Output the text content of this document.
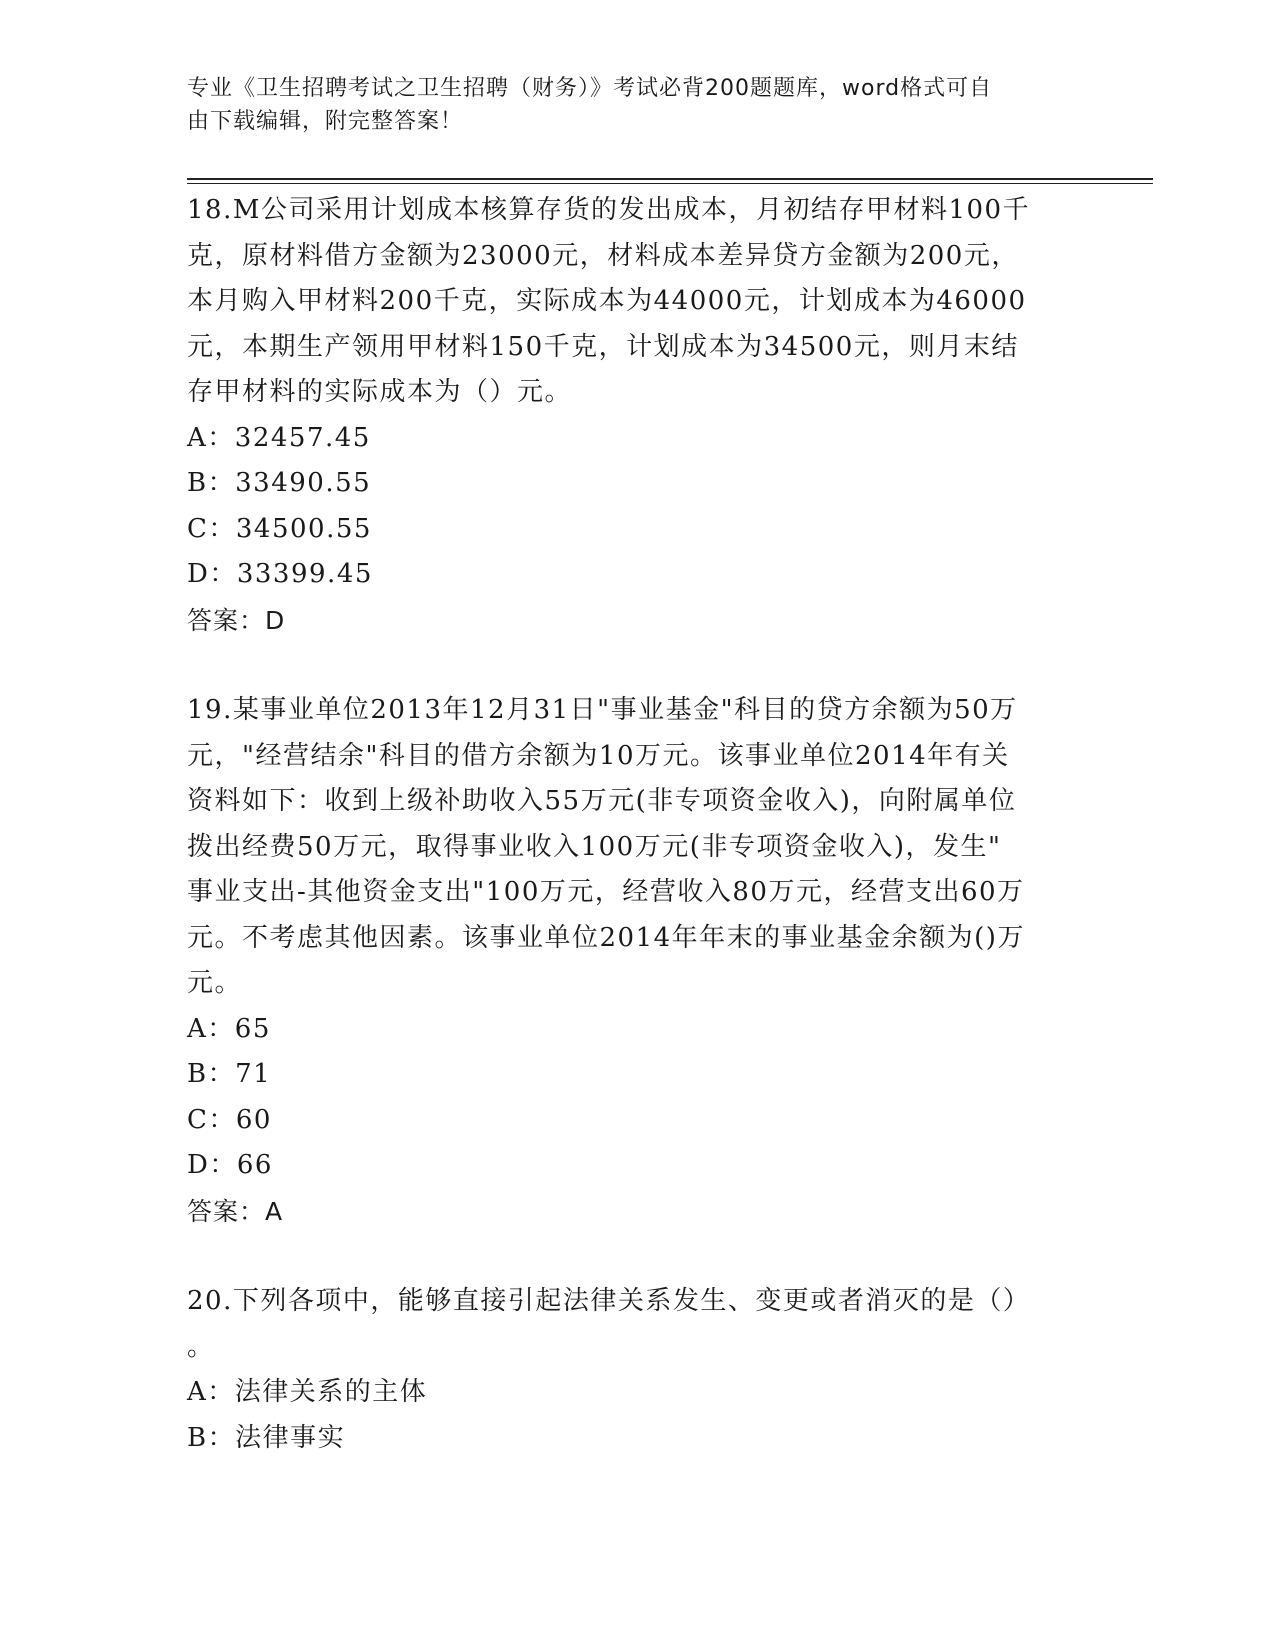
专业《卫生招聘考试之卫生招聘（财务）》考试必背200题题库，word格式可自
由下载编辑，附完整答案！

18.M公司采用计划成本核算存货的发出成本，月初结存甲材料100千

克，原材料借方金额为23000元，材料成本差异贷方金额为200元，

本月购入甲材料200千克，实际成本为44000元，计划成本为46000

元，本期生产领用甲材料150千克，计划成本为34500元，则月末结

存甲材料的实际成本为（）元。

A：32457.45

B：33490.55

C：34500.55

D：33399.45

答案：D

19.某事业单位2013年12月31日"事业基金"科目的贷方余额为50万

元，"经营结余"科目的借方余额为10万元。该事业单位2014年有关

资料如下：收到上级补助收入55万元(非专项资金收入)，向附属单位

拨出经费50万元，取得事业收入100万元(非专项资金收入)，发生"

事业支出-其他资金支出"100万元，经营收入80万元，经营支出60万

元。不考虑其他因素。该事业单位2014年年末的事业基金余额为()万

元。

A：65

B：71

C：60

D：66

答案：A

20.下列各项中，能够直接引起法律关系发生、变更或者消灭的是（）

。

A：法律关系的主体

B：法律事实
